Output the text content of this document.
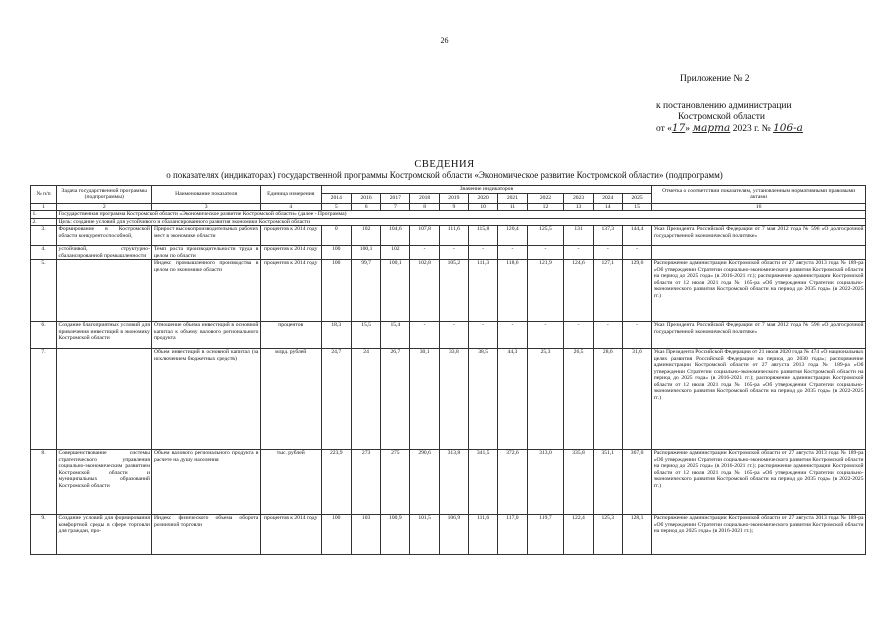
26
Приложение № 2
к постановлению администрации
Костромской области
от «17» марта 2023 г. № 106-а
СВЕДЕНИЯ
о показателях (индикаторах) государственной программы Костромской области «Экономическое развитие Костромской области» (подпрограмм)
№ п/п	Задача государственной программы (подпрограммы)	Наименование показателя	Единица измерения	Значение индикаторов											Отметка о соответствии показателям, установленным нормативными правовыми актами
				2014	2016	2017	2018	2019	2020	2021	2022	2023	2024	2025	
1	2	3	4	5	6	7	8	9	10	11	12	13	14	15	16
1.	Государственная программа Костромской области «Экономическое развитие Костромской области» (далее - Программа)														
2.	Цель: создание условий для устойчивого и сбалансированного развития экономики Костромской области														
3.	Формирование в Костромской области конкурентоспособной,	Прирост высокопроизводительных рабочих мест в экономике области	процентов к 2014 году	0	102	104,6	107,8	111,6	115,8	120,4	125,5	131	137,3	144,4	Указ Президента Российской Федерации от 7 мая 2012 года № 596 «О долгосрочной государственной экономической политике»
4.	устойчивой, структурно-сбалансированной промышленности	Темп роста производительности труда в целом по области	процентов к 2014 году	100	100,1	102	-	-	-	-	-	-	-	-	
5.		Индекс промышленного производства в целом по экономике области	процентов к 2014 году	100	99,7	100,1	102,8	105,2	111,3	118,6	121,9	124,6	127,1	129,6	Распоряжение администрации Костромской области от 27 августа 2013 года № 189-ра «Об утверждении Стратегии социально-экономического развития Костромской области на период до 2025 года» (в 2016-2021 гг.); распоряжение администрации Костромской области от 12 июля 2021 года № 165-ра «Об утверждении Стратегии социально-экономического развития Костромской области на период до 2035 года» (в 2022-2025 гг.)
6.	Создание благоприятных условий для привлечения инвестиций в экономику Костромской области	Отношение объема инвестиций в основной капитал к объему валового регионального продукта	процентов	18,3	15,5	15,4	-	-	-	-	-	-	-	-	Указ Президента Российской Федерации от 7 мая 2012 года № 596 «О долгосрочной государственной экономической политике»
7.		Объем инвестиций в основной капитал (за исключением бюджетных средств)	млрд. рублей	24,7	24	26,7	30,1	33,8	38,5	44,3	25,3	26,5	28,6	31,6	Указ Президента Российской Федерации от 21 июля 2020 года № 474 «О национальных целях развития Российской Федерации на период до 2030 года»; распоряжение администрации Костромской области от 27 августа 2013 года № 189-ра «Об утверждении Стратегии социально-экономического развития Костромской области на период до 2025 года» (в 2016-2021 гг.); распоряжение администрации Костромской области от 12 июля 2021 года № 165-ра «Об утверждении Стратегии социально-экономического развития Костромской области на период до 2035 года» (в 2022-2025 гг.)
8.	Совершенствование системы стратегического управления социально-экономическим развитием Костромской области и муниципальных образований Костромской области	Объем валового регионального продукта в расчете на душу населения	тыс. рублей	223,9	273	275	290,6	313,8	341,5	372,6	313,0	335,8	351,1	367,0	Распоряжение администрации Костромской области от 27 августа 2013 года № 189-ра «Об утверждении Стратегии социально-экономического развития Костромской области на период до 2025 года» (в 2016-2021 гг.); распоряжение администрации Костромской области от 12 июля 2021 года № 165-ра «Об утверждении Стратегии социально-экономического развития Костромской области на период до 2035 года» (в 2022-2025 гг.)
9.	Создание условий для формирования комфортной среды в сфере торговли для граждан, про-	Индекс физического объема оборота розничной торговли	процентов к 2014 году	100	103	100,9	101,5	106,9	111,6	117,0	119,7	122,4	125,3	128,1	Распоряжение администрации Костромской области от 27 августа 2013 года № 189-ра «Об утверждении Стратегии социально-экономического развития Костромской области на период до 2025 года» (в 2016-2021 гг.);
